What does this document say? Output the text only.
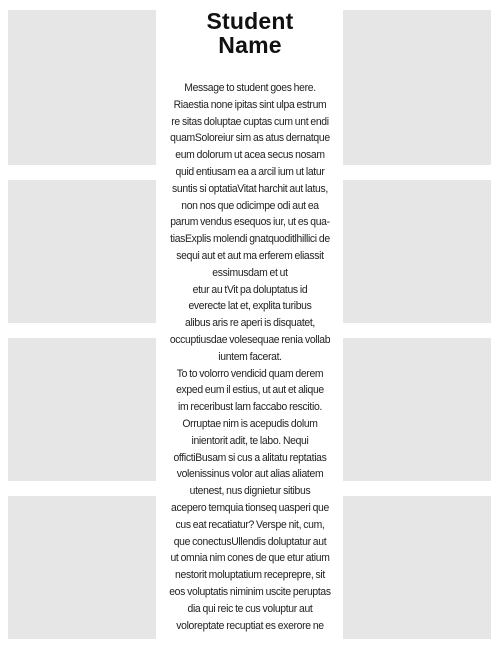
Student
Name
Message to student goes here.
Riaestia none ipitas sint ulpa estrum
re sitas doluptae cuptas cum unt endi
quamSoloreiur sim as atus dernatque
eum dolorum ut acea secus nosam
quid entiusam ea a arcil ium ut latur
suntis si optatiaVitat harchit aut latus,
non nos que odicimpe odi aut ea
parum vendus esequos iur, ut es qua-
tiasExplis molendi gnatquoditlhillici de
sequi aut et aut ma erferem eliassit
essimusdam et ut
etur au tVit pa doluptatus id
everecte lat et, explita turibus
alibus aris re aperi is disquatet,
occuptiusdae volesequae renia vollab
iuntem facerat.
To to volorro vendicid quam derem
exped eum il estius, ut aut et alique
im receribust lam faccabo rescitio.
Orruptae nim is acepudis dolum
inientorit adit, te labo. Nequi
offictiBusam si cus a alitatu reptatias
volenissinus volor aut alias aliatem
utenest, nus dignietur sitibus
acepero temquia tionseq uasperi que
cus eat recatiatur? Verspe nit, cum,
que conectusUllendis doluptatur aut
ut omnia nim cones de que etur atium
nestorit moluptatium receprepre, sit
eos voluptatis niminim uscite peruptas
dia qui reic te cus voluptur aut
voloreptate recuptiat es exerore ne
